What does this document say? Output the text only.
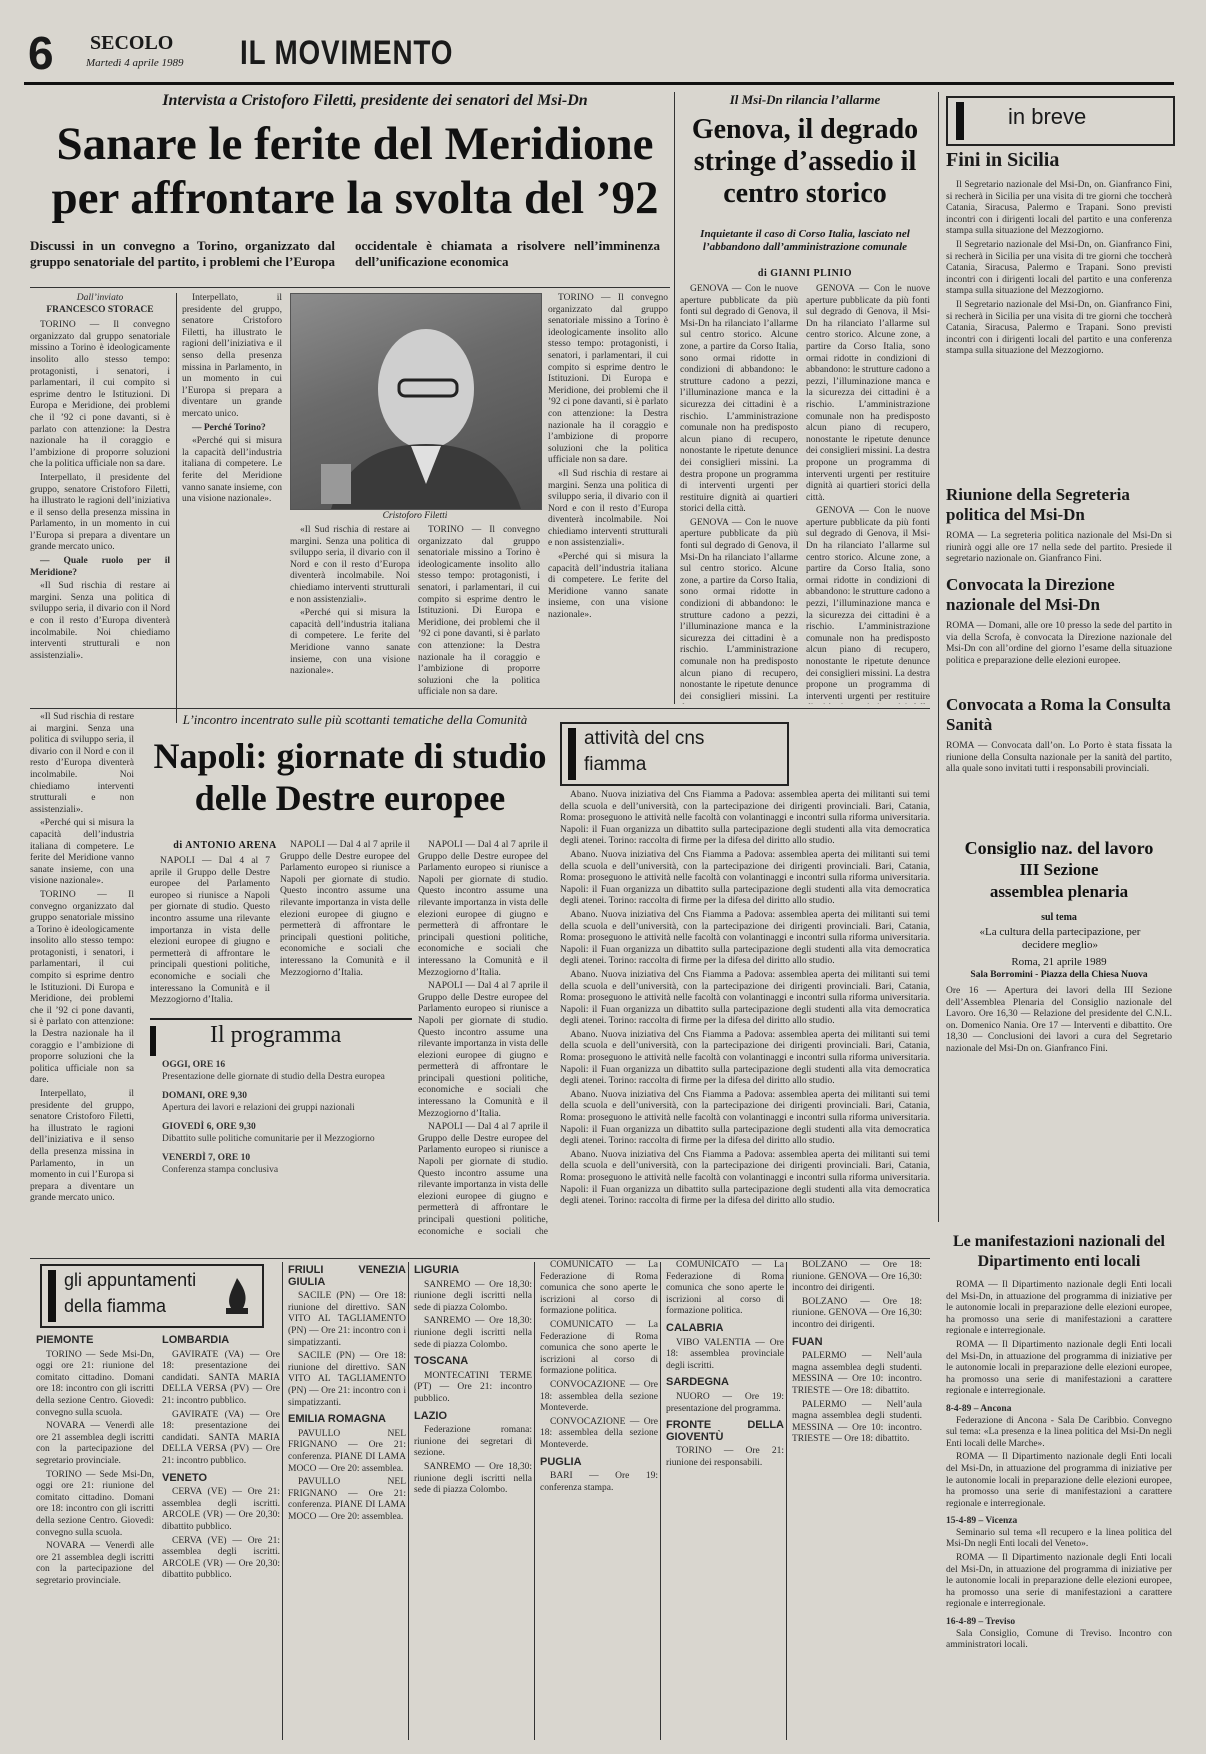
6 SECOLO
Martedì 4 aprile 1989 IL MOVIMENTO
Intervista a Cristoforo Filetti, presidente dei senatori del Msi-Dn
Sanare le ferite del Meridione
per affrontare la svolta del ’92
Discussi in un convegno a Torino, organizzato dal gruppo senatoriale del partito, i problemi che l’Europa occidentale è chiamata a risolvere nell’imminenza dell’unificazione economica
Dall’inviato
FRANCESCO STORACE

TORINO — Il convegno organizzato dal gruppo senatoriale missino a Torino è ideologicamente insolito allo stesso tempo: protagonisti, i senatori, i parlamentari, il cui compito si esprime dentro le Istituzioni. Di Europa e Meridione, dei problemi che il ’92 ci pone davanti, si è parlato con attenzione: la Destra nazionale ha il coraggio e l’ambizione di proporre soluzioni che la politica ufficiale non sa dare.

Interpellato, il presidente del gruppo, senatore Cristoforo Filetti, ha illustrato le ragioni dell’iniziativa e il senso della presenza missina in Parlamento, in un momento in cui l’Europa si prepara a diventare un grande mercato unico.

— Quale ruolo per il Meridione?

«Il Sud rischia di restare ai margini. Senza una politica di sviluppo seria, il divario con il Nord e con il resto d’Europa diventerà incolmabile. Noi chiediamo interventi strutturali e non assistenziali».

Interpellato, il presidente del gruppo, senatore Cristoforo Filetti, ha illustrato le ragioni dell’iniziativa e il senso della presenza missina in Parlamento, in un momento in cui l’Europa si prepara a diventare un grande mercato unico.

— Perché Torino?

«Perché qui si misura la capacità dell’industria italiana di competere. Le ferite del Meridione vanno sanate insieme, con una visione nazionale».

Cristoforo Filetti

«Il Sud rischia di restare ai margini. Senza una politica di sviluppo seria, il divario con il Nord e con il resto d’Europa diventerà incolmabile. Noi chiediamo interventi strutturali e non assistenziali».

«Perché qui si misura la capacità dell’industria italiana di competere. Le ferite del Meridione vanno sanate insieme, con una visione nazionale».

TORINO — Il convegno organizzato dal gruppo senatoriale missino a Torino è ideologicamente insolito allo stesso tempo: protagonisti, i senatori, i parlamentari, il cui compito si esprime dentro le Istituzioni. Di Europa e Meridione, dei problemi che il ’92 ci pone davanti, si è parlato con attenzione: la Destra nazionale ha il coraggio e l’ambizione di proporre soluzioni che la politica ufficiale non sa dare.

TORINO — Il convegno organizzato dal gruppo senatoriale missino a Torino è ideologicamente insolito allo stesso tempo: protagonisti, i senatori, i parlamentari, il cui compito si esprime dentro le Istituzioni. Di Europa e Meridione, dei problemi che il ’92 ci pone davanti, si è parlato con attenzione: la Destra nazionale ha il coraggio e l’ambizione di proporre soluzioni che la politica ufficiale non sa dare.

«Il Sud rischia di restare ai margini. Senza una politica di sviluppo seria, il divario con il Nord e con il resto d’Europa diventerà incolmabile. Noi chiediamo interventi strutturali e non assistenziali».

«Perché qui si misura la capacità dell’industria italiana di competere. Le ferite del Meridione vanno sanate insieme, con una visione nazionale».

Il Msi-Dn rilancia l’allarme
Genova, il degrado stringe d’assedio il centro storico
Inquietante il caso di Corso Italia, lasciato nel l’abbandono dall’amministrazione comunale
di GIANNI PLINIO

GENOVA — Con le nuove aperture pubblicate da più fonti sul degrado di Genova, il Msi-Dn ha rilanciato l’allarme sul centro storico. Alcune zone, a partire da Corso Italia, sono ormai ridotte in condizioni di abbandono: le strutture cadono a pezzi, l’illuminazione manca e la sicurezza dei cittadini è a rischio. L’amministrazione comunale non ha predisposto alcun piano di recupero, nonostante le ripetute denunce dei consiglieri missini. La destra propone un programma di interventi urgenti per restituire dignità ai quartieri storici della città.

GENOVA — Con le nuove aperture pubblicate da più fonti sul degrado di Genova, il Msi-Dn ha rilanciato l’allarme sul centro storico. Alcune zone, a partire da Corso Italia, sono ormai ridotte in condizioni di abbandono: le strutture cadono a pezzi, l’illuminazione manca e la sicurezza dei cittadini è a rischio. L’amministrazione comunale non ha predisposto alcun piano di recupero, nonostante le ripetute denunce dei consiglieri missini. La

GENOVA — Con le nuove aperture pubblicate da più fonti sul degrado di Genova, il Msi-Dn ha rilanciato l’allarme sul centro storico. Alcune zone, a partire da Corso Italia, sono ormai ridotte in condizioni di abbandono: le strutture cadono a pezzi, l’illuminazione manca e la sicurezza dei cittadini è a rischio. L’amministrazione comunale non ha predisposto alcun piano di recupero, nonostante le ripetute denunce dei consiglieri missini. La destra propone un programma di interventi urgenti per restituire dignità ai quartieri storici della città.

GENOVA — Con le nuove aperture pubblicate da più fonti sul degrado di Genova, il Msi-Dn ha rilanciato l’allarme sul centro storico. Alcune zone, a partire da Corso Italia, sono ormai ridotte in condizioni di abbandono: le strutture cadono a pezzi, l’illuminazione manca e la sicurezza dei cittadini è a rischio. L’amministrazione comunale non ha predisposto alcun piano di recupero, nonostante le ripetute denunce dei consiglieri missini. La destra propone un programma di interventi urgenti per restituire

in breve
Fini in Sicilia

Il Segretario nazionale del Msi-Dn, on. Gianfranco Fini, si recherà in Sicilia per una visita di tre giorni che toccherà Catania, Siracusa, Palermo e Trapani. Sono previsti incontri con i dirigenti locali del partito e una conferenza stampa sulla situazione del Mezzogiorno.

Il Segretario nazionale del Msi-Dn, on. Gianfranco Fini, si recherà in Sicilia per una visita di tre giorni che toccherà Catania, Siracusa, Palermo e Trapani. Sono previsti incontri con i dirigenti locali del partito e una conferenza stampa sulla situazione del Mezzogiorno.

Il Segretario nazionale del Msi-Dn, on. Gianfranco Fini, si recherà in Sicilia per una visita di tre giorni che toccherà Catania, Siracusa, Palermo e Trapani. Sono previsti incontri con i dirigenti locali del partito e una conferenza stampa sulla situazione del Mezzogiorno.

Riunione della Segreteria politica del Msi-Dn
ROMA — La segreteria politica nazionale del Msi-Dn si riunirà oggi alle ore 17 nella sede del partito. Presiede il segretario nazionale on. Gianfranco Fini.
Convocata la Direzione nazionale del Msi-Dn
ROMA — Domani, alle ore 10 presso la sede del partito in via della Scrofa, è convocata la Direzione nazionale del Msi-Dn con all’ordine del giorno l’esame della situazione politica e preparazione delle elezioni europee.
Convocata a Roma la Consulta Sanità
ROMA — Convocata dall’on. Lo Porto è stata fissata la riunione della Consulta nazionale per la sanità del partito, alla quale sono invitati tutti i responsabili provinciali.
Consiglio naz. del lavoro
III Sezione
assemblea plenaria
sul tema
«La cultura della partecipazione, per decidere meglio»
Roma, 21 aprile 1989
Sala Borromini - Piazza della Chiesa Nuova
Ore 16 — Apertura dei lavori della III Sezione dell’Assemblea Plenaria del Consiglio nazionale del Lavoro. Ore 16,30 — Relazione del presidente del C.N.L. on. Domenico Nania. Ore 17 — Interventi e dibattito. Ore 18,30 — Conclusioni dei lavori a cura del Segretario nazionale del Msi-Dn on. Gianfranco Fini.
Le manifestazioni nazionali del Dipartimento enti locali

ROMA — Il Dipartimento nazionale degli Enti locali del Msi-Dn, in attuazione del programma di iniziative per le autonomie locali in preparazione delle elezioni europee, ha promosso una serie di manifestazioni a carattere regionale e interregionale.

ROMA — Il Dipartimento nazionale degli Enti locali del Msi-Dn, in attuazione del programma di iniziative per le autonomie locali in preparazione delle elezioni europee, ha promosso una serie di manifestazioni a carattere regionale e interregionale.

8-4-89 – Ancona

Federazione di Ancona - Sala De Caribbio. Convegno sul tema: «La presenza e la linea politica del Msi-Dn negli Enti locali delle Marche».

ROMA — Il Dipartimento nazionale degli Enti locali del Msi-Dn, in attuazione del programma di iniziative per le autonomie locali in preparazione delle elezioni europee, ha promosso una serie di manifestazioni a carattere regionale e interregionale.

15-4-89 – Vicenza

Seminario sul tema «Il recupero e la linea politica del Msi-Dn negli Enti locali del Veneto».

ROMA — Il Dipartimento nazionale degli Enti locali del Msi-Dn, in attuazione del programma di iniziative per le autonomie locali in preparazione delle elezioni europee, ha promosso una serie di manifestazioni a carattere regionale e interregionale.

16-4-89 – Treviso

Sala Consiglio, Comune di Treviso. Incontro con amministratori locali.

L’incontro incentrato sulle più scottanti tematiche della Comunità
Napoli: giornate di studio
delle Destre europee

«Il Sud rischia di restare ai margini. Senza una politica di sviluppo seria, il divario con il Nord e con il resto d’Europa diventerà incolmabile. Noi chiediamo interventi strutturali e non assistenziali».

«Perché qui si misura la capacità dell’industria italiana di competere. Le ferite del Meridione vanno sanate insieme, con una visione nazionale».

TORINO — Il convegno organizzato dal gruppo senatoriale missino a Torino è ideologicamente insolito allo stesso tempo: protagonisti, i senatori, i parlamentari, il cui compito si esprime dentro le Istituzioni. Di Europa e Meridione, dei problemi che il ’92 ci pone davanti, si è parlato con attenzione: la Destra nazionale ha il coraggio e l’ambizione di proporre soluzioni che la politica ufficiale non sa dare.

Interpellato, il presidente del gruppo, senatore Cristoforo Filetti, ha illustrato le ragioni dell’iniziativa e il senso della presenza missina in Parlamento, in un momento in cui l’Europa si prepara a diventare un grande mercato unico.

di ANTONIO ARENA

NAPOLI — Dal 4 al 7 aprile il Gruppo delle Destre europee del Parlamento europeo si riunisce a Napoli per giornate di studio. Questo incontro assume una rilevante importanza in vista delle elezioni europee di giugno e permetterà di affrontare le principali questioni politiche, economiche e sociali che interessano la Comunità e il Mezzogiorno d’Italia.

NAPOLI — Dal 4 al 7 aprile il Gruppo delle Destre europee del Parlamento europeo si riunisce a Napoli per giornate di studio. Questo incontro assume una rilevante importanza in vista delle elezioni europee di giugno e permetterà di affrontare le principali questioni politiche, economiche e sociali che interessano la Comunità e il Mezzogiorno d’Italia.

NAPOLI — Dal 4 al 7 aprile il Gruppo delle Destre europee del Parlamento europeo si riunisce a Napoli per giornate di studio. Questo incontro assume una rilevante importanza in vista delle elezioni europee di giugno e permetterà di affrontare le principali questioni politiche, economiche e sociali che interessano la Comunità e il Mezzogiorno d’Italia.

NAPOLI — Dal 4 al 7 aprile il Gruppo delle Destre europee del Parlamento europeo si riunisce a Napoli per giornate di studio. Questo incontro assume una rilevante importanza in vista delle elezioni europee di giugno e permetterà di affrontare le principali questioni politiche, economiche e sociali che interessano la Comunità e il Mezzogiorno d’Italia.

NAPOLI — Dal 4 al 7 aprile il Gruppo delle Destre europee del Parlamento europeo si riunisce a Napoli per giornate di studio. Questo incontro assume una rilevante importanza in vista delle elezioni europee di giugno e permetterà di affrontare le principali questioni politiche, economiche e sociali che

Il programma
OGGI, ORE 16
Presentazione delle giornate di studio della Destra europea
DOMANI, ORE 9,30
Apertura dei lavori e relazioni dei gruppi nazionali
GIOVEDÌ 6, ORE 9,30
Dibattito sulle politiche comunitarie per il Mezzogiorno
VENERDÌ 7, ORE 10
Conferenza stampa conclusiva
attività del cns
fiamma

Abano. Nuova iniziativa del Cns Fiamma a Padova: assemblea aperta dei militanti sui temi della scuola e dell’università, con la partecipazione dei dirigenti provinciali. Bari, Catania, Roma: proseguono le attività nelle facoltà con volantinaggi e incontri sulla riforma universitaria. Napoli: il Fuan organizza un dibattito sulla partecipazione degli studenti alla vita democratica degli atenei. Torino: raccolta di firme per la difesa del diritto allo studio.

Abano. Nuova iniziativa del Cns Fiamma a Padova: assemblea aperta dei militanti sui temi della scuola e dell’università, con la partecipazione dei dirigenti provinciali. Bari, Catania, Roma: proseguono le attività nelle facoltà con volantinaggi e incontri sulla riforma universitaria. Napoli: il Fuan organizza un dibattito sulla partecipazione degli studenti alla vita democratica degli atenei. Torino: raccolta di firme per la difesa del diritto allo studio.

Abano. Nuova iniziativa del Cns Fiamma a Padova: assemblea aperta dei militanti sui temi della scuola e dell’università, con la partecipazione dei dirigenti provinciali. Bari, Catania, Roma: proseguono le attività nelle facoltà con volantinaggi e incontri sulla riforma universitaria. Napoli: il Fuan organizza un dibattito sulla partecipazione degli studenti alla vita democratica degli atenei. Torino: raccolta di firme per la difesa del diritto allo studio.

Abano. Nuova iniziativa del Cns Fiamma a Padova: assemblea aperta dei militanti sui temi della scuola e dell’università, con la partecipazione dei dirigenti provinciali. Bari, Catania, Roma: proseguono le attività nelle facoltà con volantinaggi e incontri sulla riforma universitaria. Napoli: il Fuan organizza un dibattito sulla partecipazione degli studenti alla vita democratica degli atenei. Torino: raccolta di firme per la difesa del diritto allo studio.

Abano. Nuova iniziativa del Cns Fiamma a Padova: assemblea aperta dei militanti sui temi della scuola e dell’università, con la partecipazione dei dirigenti provinciali. Bari, Catania, Roma: proseguono le attività nelle facoltà con volantinaggi e incontri sulla riforma universitaria. Napoli: il Fuan organizza un dibattito sulla partecipazione degli studenti alla vita democratica degli atenei. Torino: raccolta di firme per la difesa del diritto allo studio.

Abano. Nuova iniziativa del Cns Fiamma a Padova: assemblea aperta dei militanti sui temi della scuola e dell’università, con la partecipazione dei dirigenti provinciali. Bari, Catania, Roma: proseguono le attività nelle facoltà con volantinaggi e incontri sulla riforma universitaria. Napoli: il Fuan organizza un dibattito sulla partecipazione degli studenti alla vita democratica degli atenei. Torino: raccolta di firme per la difesa del diritto allo studio.

Abano. Nuova iniziativa del Cns Fiamma a Padova: assemblea aperta dei militanti sui temi della scuola e dell’università, con la partecipazione dei dirigenti provinciali. Bari, Catania, Roma: proseguono le attività nelle facoltà con volantinaggi e incontri sulla riforma universitaria. Napoli: il Fuan organizza un dibattito sulla partecipazione degli studenti alla vita democratica degli atenei. Torino: raccolta di firme per la difesa del diritto allo studio.

gli appuntamenti
della fiamma
PIEMONTE

TORINO — Sede Msi-Dn, oggi ore 21: riunione del comitato cittadino. Domani ore 18: incontro con gli iscritti della sezione Centro. Giovedì: convegno sulla scuola.

NOVARA — Venerdì alle ore 21 assemblea degli iscritti con la partecipazione del segretario provinciale.

TORINO — Sede Msi-Dn, oggi ore 21: riunione del comitato cittadino. Domani ore 18: incontro con gli iscritti della sezione Centro. Giovedì: convegno sulla scuola.

NOVARA — Venerdì alle ore 21 assemblea degli iscritti con la partecipazione del segretario provinciale.

LOMBARDIA

GAVIRATE (VA) — Ore 18: presentazione dei candidati. SANTA MARIA DELLA VERSA (PV) — Ore 21: incontro pubblico.

GAVIRATE (VA) — Ore 18: presentazione dei candidati. SANTA MARIA DELLA VERSA (PV) — Ore 21: incontro pubblico.

VENETO

CERVA (VE) — Ore 21: assemblea degli iscritti. ARCOLE (VR) — Ore 20,30: dibattito pubblico.

CERVA (VE) — Ore 21: assemblea degli iscritti. ARCOLE (VR) — Ore 20,30: dibattito pubblico.

FRIULI VENEZIA GIULIA

SACILE (PN) — Ore 18: riunione del direttivo. SAN VITO AL TAGLIAMENTO (PN) — Ore 21: incontro con i simpatizzanti.

SACILE (PN) — Ore 18: riunione del direttivo. SAN VITO AL TAGLIAMENTO (PN) — Ore 21: incontro con i simpatizzanti.

EMILIA ROMAGNA

PAVULLO NEL FRIGNANO — Ore 21: conferenza. PIANE DI LAMA MOCO — Ore 20: assemblea.

PAVULLO NEL FRIGNANO — Ore 21: conferenza. PIANE DI LAMA MOCO — Ore 20: assemblea.

LIGURIA

SANREMO — Ore 18,30: riunione degli iscritti nella sede di piazza Colombo.

SANREMO — Ore 18,30: riunione degli iscritti nella sede di piazza Colombo.

TOSCANA

MONTECATINI TERME (PT) — Ore 21: incontro pubblico.

LAZIO

Federazione romana: riunione dei segretari di sezione.

SANREMO — Ore 18,30: riunione degli iscritti nella sede di piazza Colombo.

COMUNICATO — La Federazione di Roma comunica che sono aperte le iscrizioni al corso di formazione politica.

COMUNICATO — La Federazione di Roma comunica che sono aperte le iscrizioni al corso di formazione politica.

CONVOCAZIONE — Ore 18: assemblea della sezione Monteverde.

CONVOCAZIONE — Ore 18: assemblea della sezione Monteverde.

PUGLIA

BARI — Ore 19: conferenza stampa.

COMUNICATO — La Federazione di Roma comunica che sono aperte le iscrizioni al corso di formazione politica.

CALABRIA

VIBO VALENTIA — Ore 18: assemblea provinciale degli iscritti.

SARDEGNA

NUORO — Ore 19: presentazione del programma.

FRONTE DELLA GIOVENTÙ

TORINO — Ore 21: riunione dei responsabili.

BOLZANO — Ore 18: riunione. GENOVA — Ore 16,30: incontro dei dirigenti.

BOLZANO — Ore 18: riunione. GENOVA — Ore 16,30: incontro dei dirigenti.

FUAN

PALERMO — Nell’aula magna assemblea degli studenti. MESSINA — Ore 10: incontro. TRIESTE — Ore 18: dibattito.

PALERMO — Nell’aula magna assemblea degli studenti. MESSINA — Ore 10: incontro. TRIESTE — Ore 18: dibattito.
